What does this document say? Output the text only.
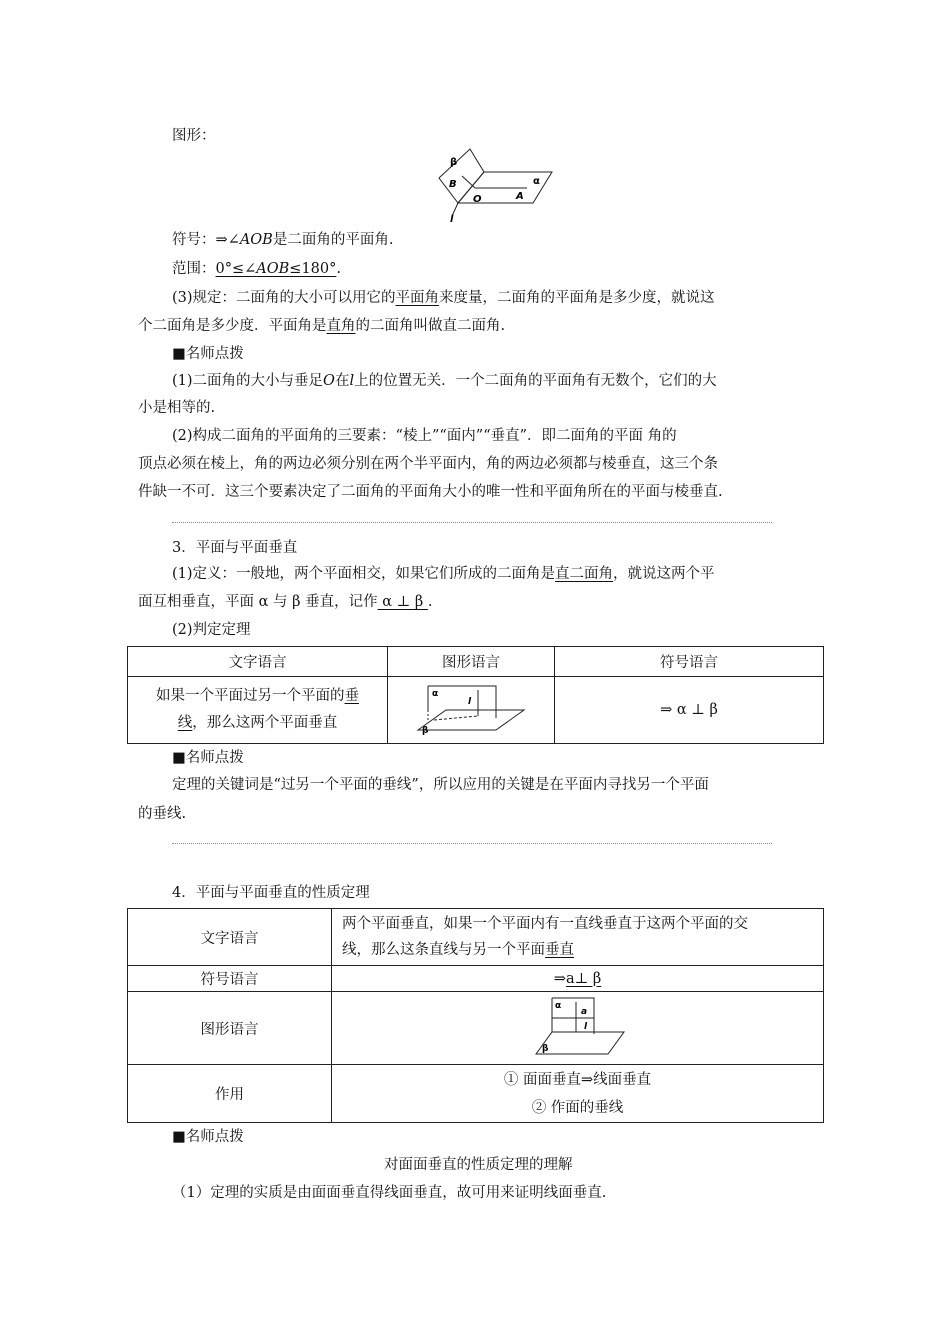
图形：
β
B	α
O	A
l
符号：⇒∠AOB是二面角的平面角.
范围：0°≤∠AOB≤180°.
(3)规定：二面角的大小可以用它的平面角来度量，二面角的平面角是多少度，就说这
个二面角是多少度．平面角是直角的二面角叫做直二面角.
■名师点拨
(1)二面角的大小与垂足O在l上的位置无关．一个二面角的平面角有无数个，它们的大
小是相等的.
(2)构成二面角的平面角的三要素：“棱上”“面内”“垂直”．即二面角的平面 角的
顶点必须在棱上，角的两边必须分别在两个半平面内，角的两边必须都与棱垂直，这三个条
件缺一不可．这三个要素决定了二面角的平面角大小的唯一性和平面角所在的平面与棱垂直.
3．平面与平面垂直
(1)定义：一般地，两个平面相交，如果它们所成的二面角是直二面角，就说这两个平
面互相垂直，平面 α 与 β 垂直，记作 α ⊥ β .
(2)判定定理
文字语言	图形语言	符号语言
如果一个平面过另一个平面的垂
线，那么这两个平面垂直	α
l
β	⇒ α ⊥ β
■名师点拨
定理的关键词是“过另一个平面的垂线”，所以应用的关键是在平面内寻找另一个平面
的垂线.
4．平面与平面垂直的性质定理
文字语言	两个平面垂直，如果一个平面内有一直线垂直于这两个平面的交
线，那么这条直线与另一个平面垂直
符号语言	⇒a⊥ β
图形语言	α
a
l
β

作用	① 面面垂直⇒线面垂直
② 作面的垂线
■名师点拨
对面面垂直的性质定理的理解
（1）定理的实质是由面面垂直得线面垂直，故可用来证明线面垂直.
